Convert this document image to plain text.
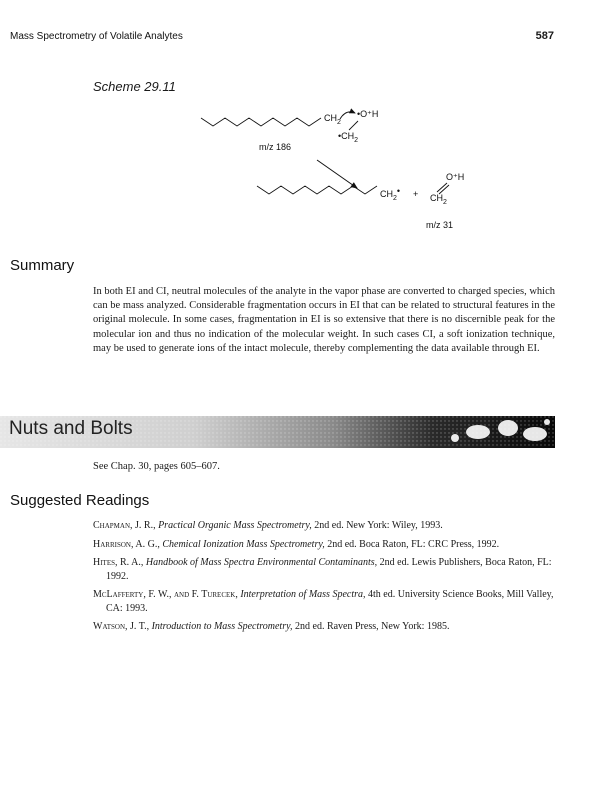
Mass Spectrometry of Volatile Analytes	587
Scheme 29.11
$CH_2$
•O⁺H
$•CH_2$
m/z 186
$CH_2•$ +
O⁺H
$CH_2$
m/z 31
Summary
In both EI and CI, neutral molecules of the analyte in the vapor phase are converted to charged species, which can be mass analyzed. Considerable fragmentation occurs in EI that can be related to structural features in the original molecule. In some cases, fragmentation in EI is so extensive that there is no discernible peak for the molecular ion and thus no indication of the molecular weight. In such cases CI, a soft ionization technique, may be used to generate ions of the intact molecule, thereby complementing the data available through EI.
Nuts and Bolts
See Chap. 30, pages 605–607.
Suggested Readings
Chapman, J. R., Practical Organic Mass Spectrometry, 2nd ed. New York: Wiley, 1993.
Harrison, A. G., Chemical Ionization Mass Spectrometry, 2nd ed. Boca Raton, FL: CRC Press, 1992.
Hites, R. A., Handbook of Mass Spectra Environmental Contaminants, 2nd ed. Lewis Publishers, Boca Raton, FL: 1992.
McLafferty, F. W., and F. Turecek, Interpretation of Mass Spectra, 4th ed. University Science Books, Mill Valley, CA: 1993.
Watson, J. T., Introduction to Mass Spectrometry, 2nd ed. Raven Press, New York: 1985.
